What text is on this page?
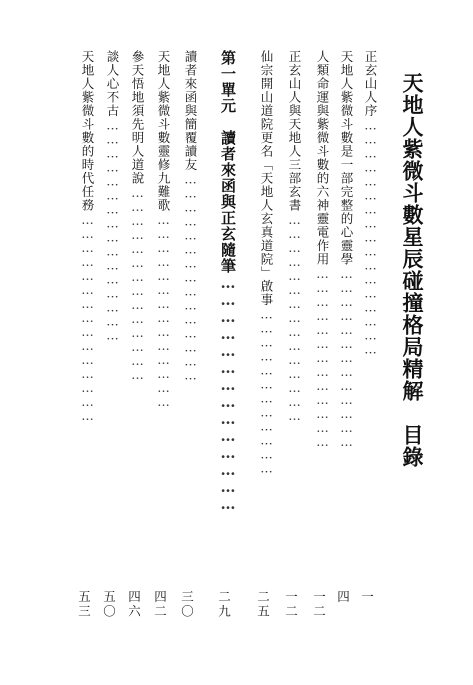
天地人紫微斗數星辰碰撞格局精解目錄
正玄山人序……………………………………………
一
天地人紫微斗數是一部完整的心靈學…………………………………
四
人類命運與紫微斗數的六神靈電作用…………………………………
一二
正玄山人與天地人三部玄書………………………………………
一二
仙宗開山道院更名「天地人玄真道院」啟事………………………………
二五
第一單元　讀者來函與正玄隨筆……………………………………
二九
讀者來函與簡覆讀友………………………………………
三〇
天地人紫微斗數靈修九難歌……………………………………
四二
參天悟地須先明人道說……………………………………
四六
談人心不古…………………………………………
五〇
天地人紫微斗數的時代任務………………………………………
五三
